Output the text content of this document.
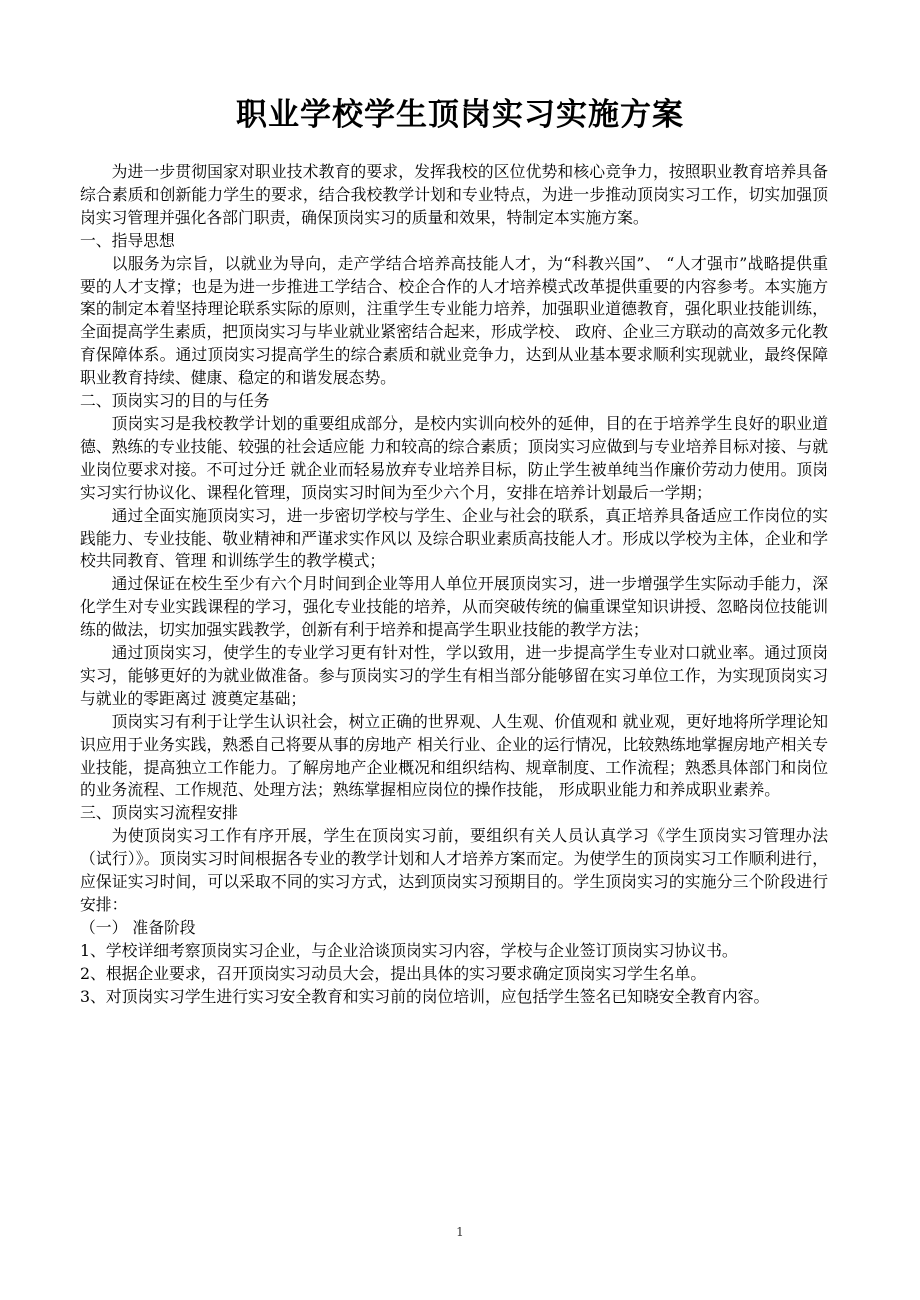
职业学校学生顶岗实习实施方案

为进一步贯彻国家对职业技术教育的要求，发挥我校的区位优势和核心竞争力，按照职业教育培养具备综合素质和创新能力学生的要求，结合我校教学计划和专业特点，为进一步推动顶岗实习工作，切实加强顶岗实习管理并强化各部门职责，确保顶岗实习的质量和效果，特制定本实施方案。

一、指导思想

以服务为宗旨，以就业为导向，走产学结合培养高技能人才，为“科教兴国”、 “人才强市”战略提供重要的人才支撑；也是为进一步推进工学结合、校企合作的人才培养模式改革提供重要的内容参考。本实施方案的制定本着坚持理论联系实际的原则，注重学生专业能力培养，加强职业道德教育，强化职业技能训练，全面提高学生素质，把顶岗实习与毕业就业紧密结合起来，形成学校、 政府、企业三方联动的高效多元化教育保障体系。通过顶岗实习提高学生的综合素质和就业竞争力，达到从业基本要求顺利实现就业，最终保障职业教育持续、健康、稳定的和谐发展态势。

二、顶岗实习的目的与任务

顶岗实习是我校教学计划的重要组成部分，是校内实训向校外的延伸，目的在于培养学生良好的职业道德、熟练的专业技能、较强的社会适应能 力和较高的综合素质；顶岗实习应做到与专业培养目标对接、与就业岗位要求对接。不可过分迁 就企业而轻易放弃专业培养目标，防止学生被单纯当作廉价劳动力使用。顶岗实习实行协议化、课程化管理，顶岗实习时间为至少六个月，安排在培养计划最后一学期；

通过全面实施顶岗实习，进一步密切学校与学生、企业与社会的联系，真正培养具备适应工作岗位的实践能力、专业技能、敬业精神和严谨求实作风以 及综合职业素质高技能人才。形成以学校为主体，企业和学校共同教育、管理 和训练学生的教学模式；

通过保证在校生至少有六个月时间到企业等用人单位开展顶岗实习，进一步增强学生实际动手能力，深化学生对专业实践课程的学习，强化专业技能的培养，从而突破传统的偏重课堂知识讲授、忽略岗位技能训练的做法，切实加强实践教学，创新有利于培养和提高学生职业技能的教学方法；

通过顶岗实习，使学生的专业学习更有针对性，学以致用，进一步提高学生专业对口就业率。通过顶岗实习，能够更好的为就业做准备。参与顶岗实习的学生有相当部分能够留在实习单位工作，为实现顶岗实习与就业的零距离过 渡奠定基础；

顶岗实习有利于让学生认识社会，树立正确的世界观、人生观、价值观和 就业观，更好地将所学理论知识应用于业务实践，熟悉自己将要从事的房地产 相关行业、企业的运行情况，比较熟练地掌握房地产相关专业技能，提高独立工作能力。了解房地产企业概况和组织结构、规章制度、工作流程；熟悉具体部门和岗位的业务流程、工作规范、处理方法；熟练掌握相应岗位的操作技能， 形成职业能力和养成职业素养。

三、顶岗实习流程安排

为使顶岗实习工作有序开展，学生在顶岗实习前，要组织有关人员认真学习《学生顶岗实习管理办法（试行）》。顶岗实习时间根据各专业的教学计划和人才培养方案而定。为使学生的顶岗实习工作顺利进行，应保证实习时间，可以采取不同的实习方式，达到顶岗实习预期目的。学生顶岗实习的实施分三个阶段进行安排：

（一） 准备阶段

1、学校详细考察顶岗实习企业，与企业洽谈顶岗实习内容，学校与企业签订顶岗实习协议书。

2、根据企业要求，召开顶岗实习动员大会，提出具体的实习要求确定顶岗实习学生名单。

3、对顶岗实习学生进行实习安全教育和实习前的岗位培训，应包括学生签名已知晓安全教育内容。

1
